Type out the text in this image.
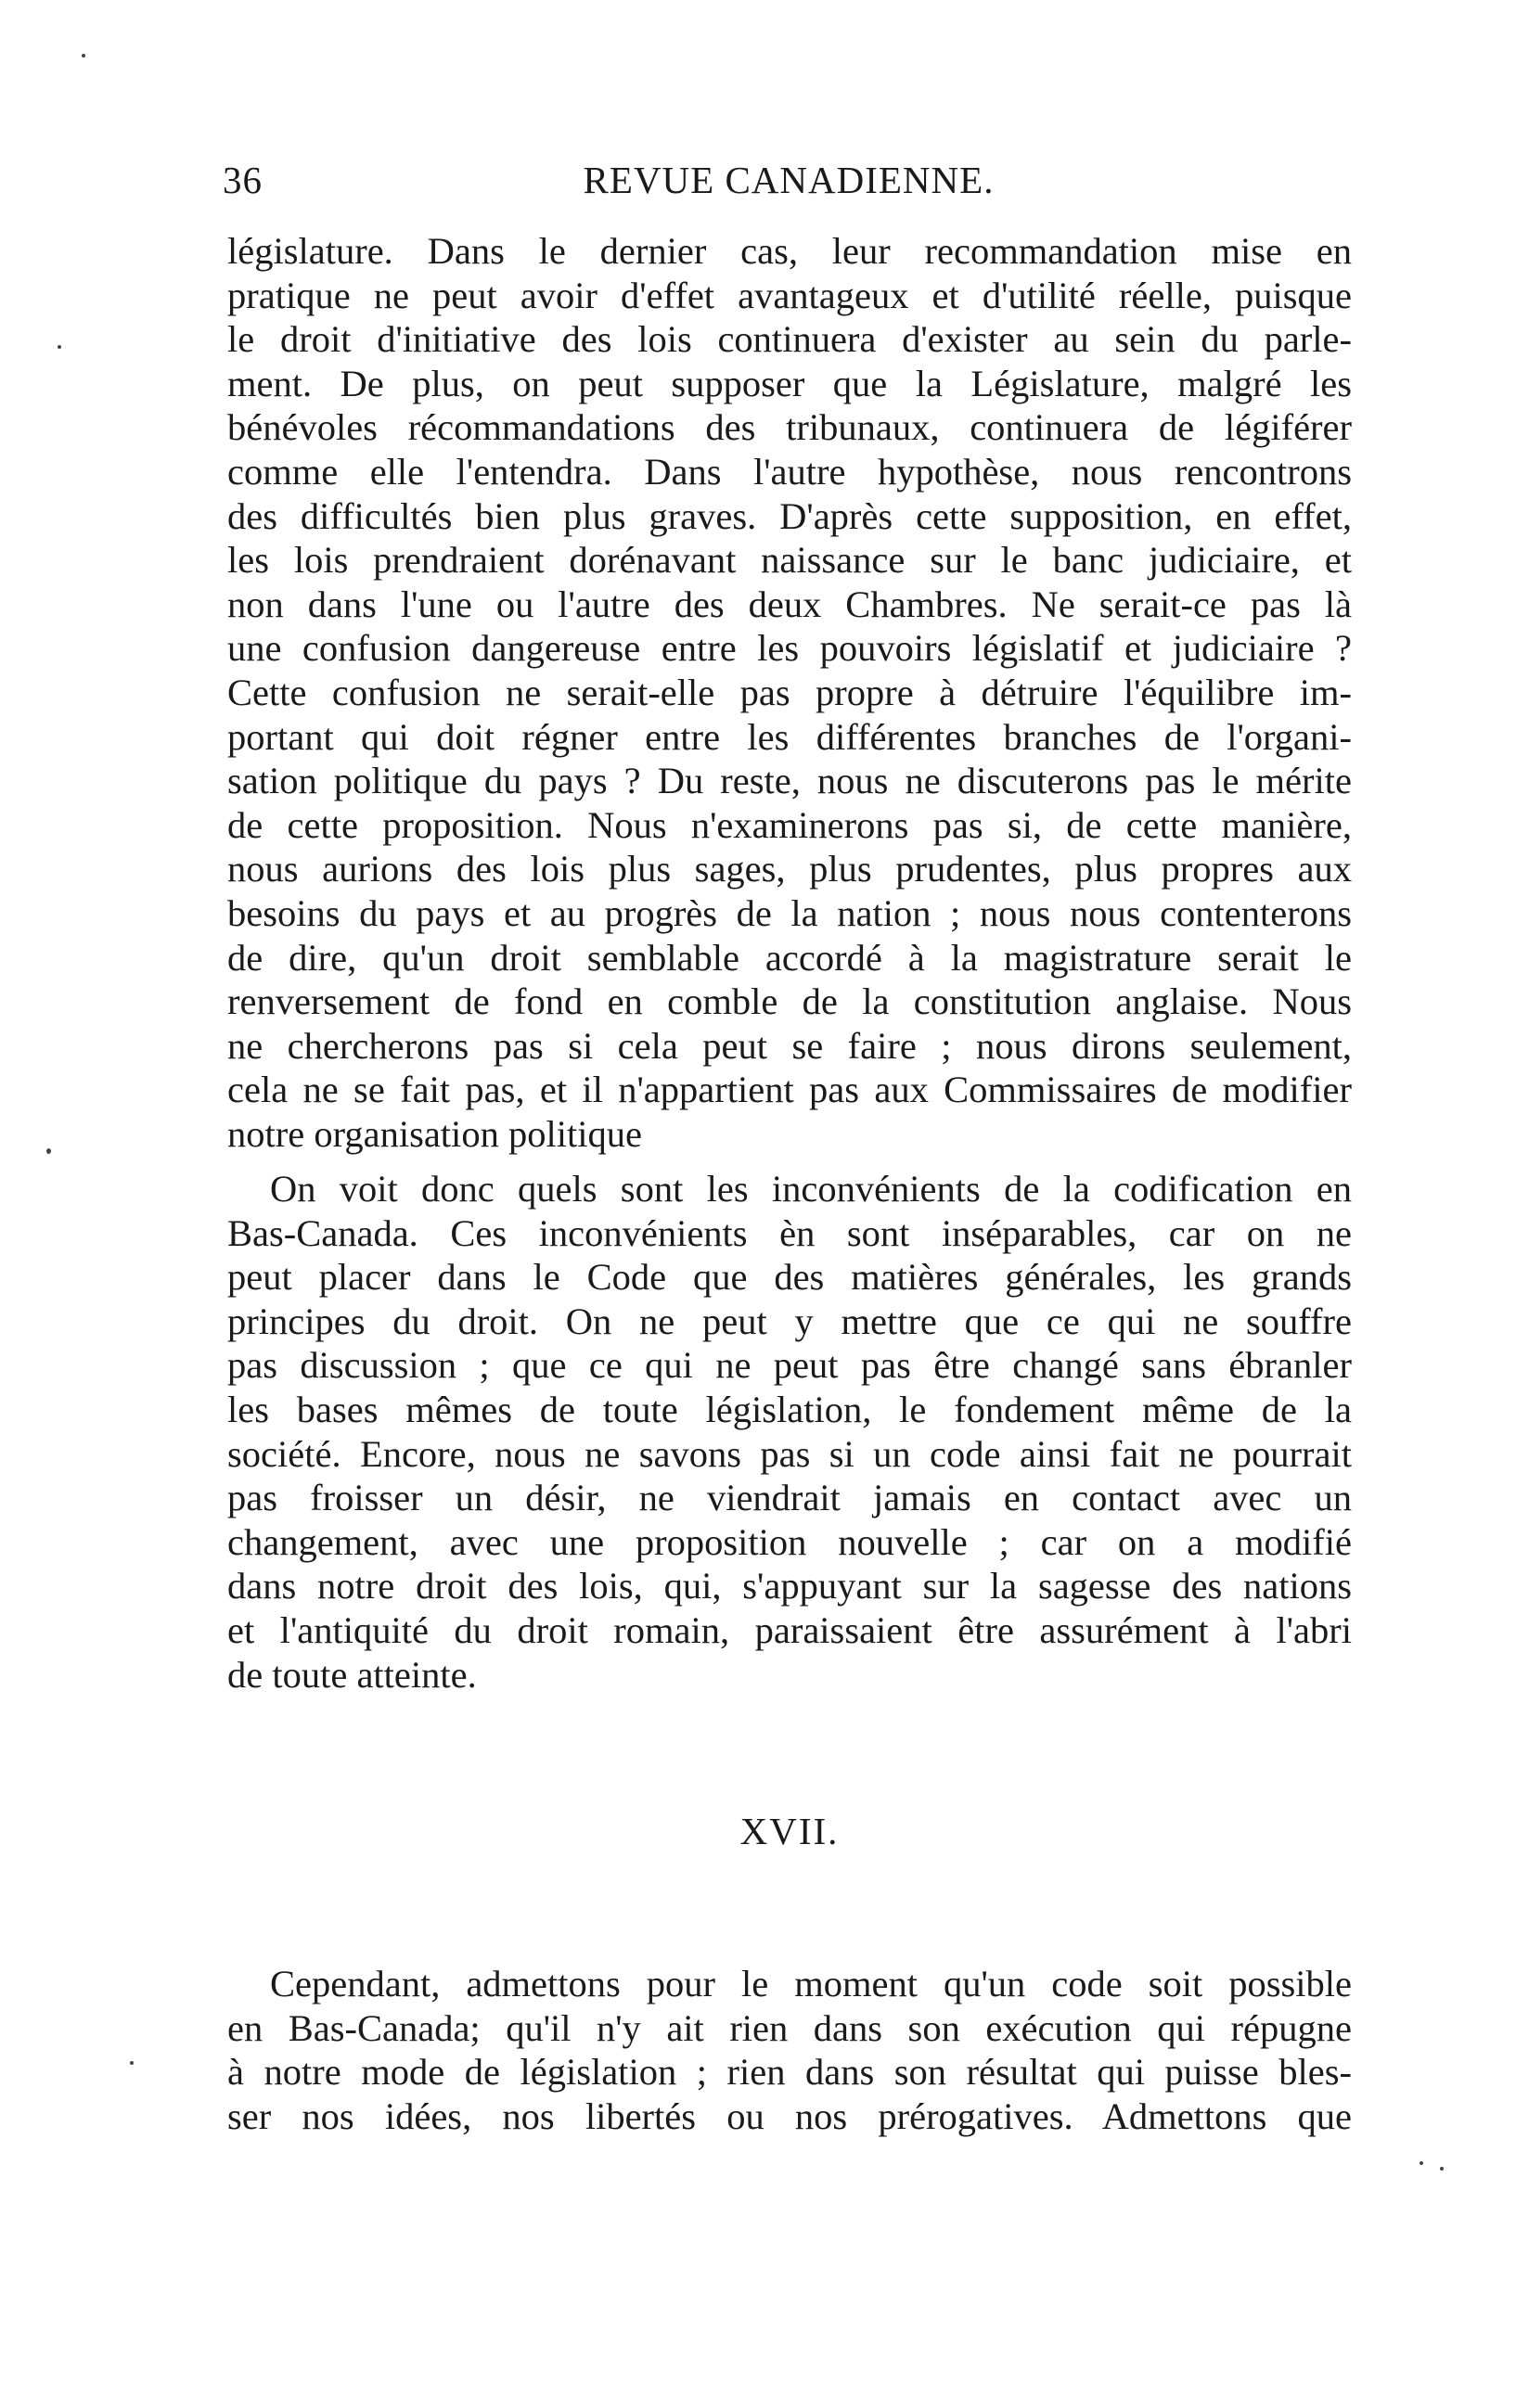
36	REVUE CANADIENNE.
législature. Dans le dernier cas, leur recommandation mise en
pratique ne peut avoir d'effet avantageux et d'utilité réelle, puisque
le droit d'initiative des lois continuera d'exister au sein du parle-
ment. De plus, on peut supposer que la Législature, malgré les
bénévoles récommandations des tribunaux, continuera de légiférer
comme elle l'entendra. Dans l'autre hypothèse, nous rencontrons
des difficultés bien plus graves. D'après cette supposition, en effet,
les lois prendraient dorénavant naissance sur le banc judiciaire, et
non dans l'une ou l'autre des deux Chambres. Ne serait-ce pas là
une confusion dangereuse entre les pouvoirs législatif et judiciaire ?
Cette confusion ne serait-elle pas propre à détruire l'équilibre im-
portant qui doit régner entre les différentes branches de l'organi-
sation politique du pays ? Du reste, nous ne discuterons pas le mérite
de cette proposition. Nous n'examinerons pas si, de cette manière,
nous aurions des lois plus sages, plus prudentes, plus propres aux
besoins du pays et au progrès de la nation ; nous nous contenterons
de dire, qu'un droit semblable accordé à la magistrature serait le
renversement de fond en comble de la constitution anglaise. Nous
ne chercherons pas si cela peut se faire ; nous dirons seulement,
cela ne se fait pas, et il n'appartient pas aux Commissaires de modifier
notre organisation politique
On voit donc quels sont les inconvénients de la codification en
Bas-Canada. Ces inconvénients èn sont inséparables, car on ne
peut placer dans le Code que des matières générales, les grands
principes du droit. On ne peut y mettre que ce qui ne souffre
pas discussion ; que ce qui ne peut pas être changé sans ébranler
les bases mêmes de toute législation, le fondement même de la
société. Encore, nous ne savons pas si un code ainsi fait ne pourrait
pas froisser un désir, ne viendrait jamais en contact avec un
changement, avec une proposition nouvelle ; car on a modifié
dans notre droit des lois, qui, s'appuyant sur la sagesse des nations
et l'antiquité du droit romain, paraissaient être assurément à l'abri
de toute atteinte.
XVII.
Cependant, admettons pour le moment qu'un code soit possible
en Bas-Canada; qu'il n'y ait rien dans son exécution qui répugne
à notre mode de législation ; rien dans son résultat qui puisse bles-
ser nos idées, nos libertés ou nos prérogatives. Admettons que
